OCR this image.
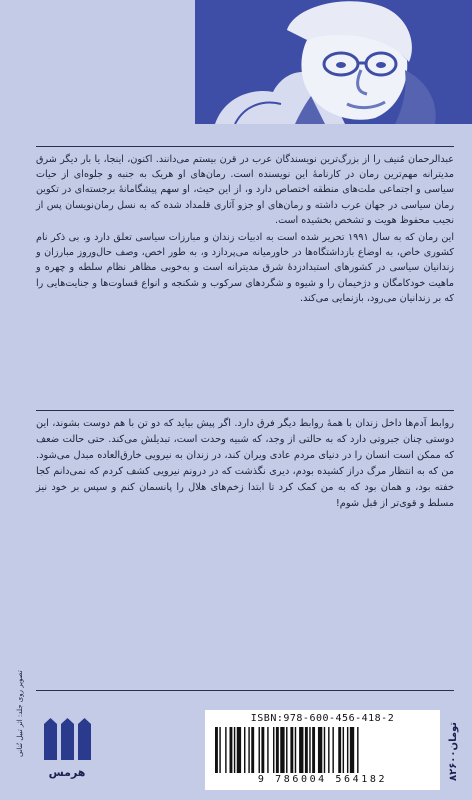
عبدالرحمان مُنیف را از بزرگ‌ترین نویسندگان عرب در قرن بیستم می‌دانند. اکنون، اینجا، یا بار دیگر شرق مدیترانه مهم‌ترین رمان در کارنامهٔ این نویسنده است. رمان‌های او هریک به جنبه و جلوه‌ای از حیات سیاسی و اجتماعی ملت‌های منطقه اختصاص دارد و، از این حیث، او سهم پیشگامانهٔ برجسته‌ای در تکوین رمان سیاسی در جهان عرب داشته و رمان‌های او جزو آثاری قلمداد شده که به نسل رمان‌نویسان پس از نجیب محفوظ هویت و تشخص بخشیده است.

این رمان که به سال ۱۹۹۱ تحریر شده است به ادبیات زندان و مبارزات سیاسی تعلق دارد و، بی ذکر نام کشوری خاص، به اوضاع بازداشتگاه‌ها در خاورمیانه می‌پردازد و، به طور اخص، وصف حال‌وروز مبارزان و زندانیان سیاسی در کشورهای استبدادزدهٔ شرق مدیترانه است و به‌خوبی مظاهر نظام سلطه و چهره و ماهیت خودکامگان و دژخیمان را و شیوه و شگردهای سرکوب و شکنجه و انواع قساوت‌ها و جنایت‌هایی را که بر زندانیان می‌رود، بازنمایی می‌کند.

روابط آدم‌ها داخل زندان با همهٔ روابط دیگر فرق دارد. اگر پیش بیاید که دو تن با هم دوست بشوند، این دوستی چنان جبروتی دارد که به حالتی از وجد، که شبیه وحدت است، تبدیلش می‌کند. حتی حالت ضعف که ممکن است انسان را در دنیای مردم عادی ویران کند، در زندان به نیرویی خارق‌العاده مبدل می‌شود. من که به انتظار مرگ دراز کشیده بودم، دیری نگذشت که در درونم نیرویی کشف کردم که نمی‌دانم کجا خفته بود، و همان بود که به من کمک کرد تا ابتدا زخم‌های هلال را پانسمان کنم و سپس بر خود نیز مسلط و قوی‌تر از قبل شوم!

تصویر روی جلد: اثر تبیل نُنانی
هرمس
ISBN:978-600-456-418-2
9 786004 564182	۸۲۶۰۰تومان
